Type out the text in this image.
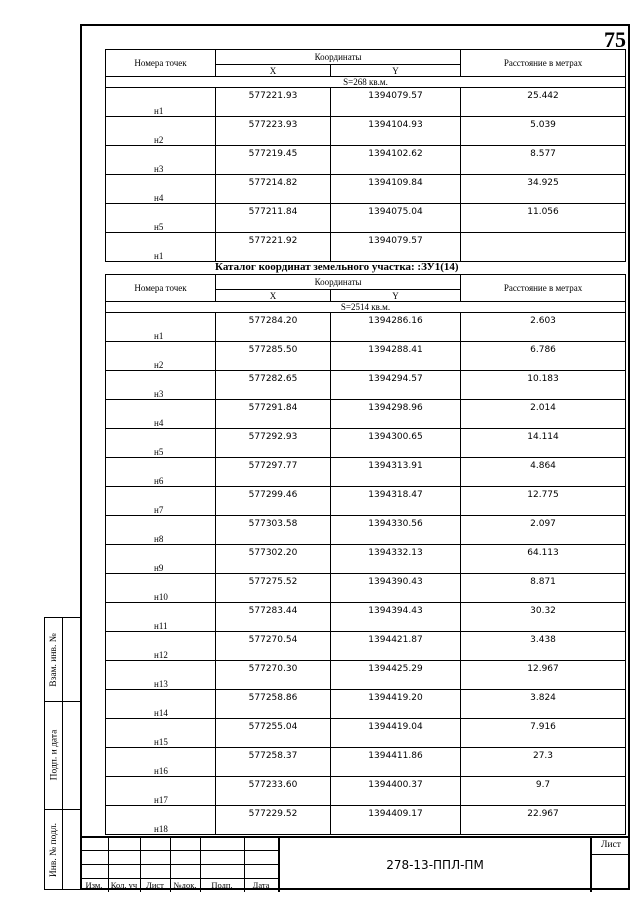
75
Взам. инв. №
Подп. и дата
Инв. № подл.
Номера точек	Координаты		Расстояние в метрах
	X	Y	
S=268 кв.м.			
н1	577221.93	1394079.57	25.442
н2	577223.93	1394104.93	5.039
н3	577219.45	1394102.62	8.577
н4	577214.82	1394109.84	34.925
н5	577211.84	1394075.04	11.056
н1	577221.92	1394079.57	
Каталог координат земельного участка: :ЗУ1(14)
Номера точек	Координаты		Расстояние в метрах
	X	Y	
S=2514 кв.м.			
н1	577284.20	1394286.16	2.603
н2	577285.50	1394288.41	6.786
н3	577282.65	1394294.57	10.183
н4	577291.84	1394298.96	2.014
н5	577292.93	1394300.65	14.114
н6	577297.77	1394313.91	4.864
н7	577299.46	1394318.47	12.775
н8	577303.58	1394330.56	2.097
н9	577302.20	1394332.13	64.113
н10	577275.52	1394390.43	8.871
н11	577283.44	1394394.43	30.32
н12	577270.54	1394421.87	3.438
н13	577270.30	1394425.29	12.967
н14	577258.86	1394419.20	3.824
н15	577255.04	1394419.04	7.916
н16	577258.37	1394411.86	27.3
н17	577233.60	1394400.37	9.7
н18	577229.52	1394409.17	22.967
Изм. Кол. уч	Лист	№док.	Подп.	Дата
278-13-ППЛ-ПМ
Лист
